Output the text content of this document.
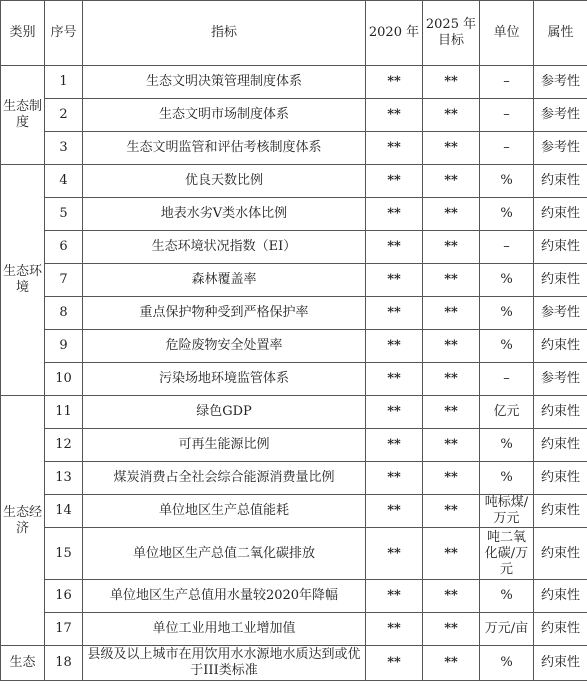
类别	序号	指标	2020 年	2025 年目标	单位	属性
生态制度	1	生态文明决策管理制度体系	**	**	–	参考性
	2	生态文明市场制度体系	**	**	–	参考性
	3	生态文明监管和评估考核制度体系	**	**	–	参考性
生态环境	4	优良天数比例	**	**	%	约束性
	5	地表水劣Ⅴ类水体比例	**	**	%	约束性
	6	生态环境状况指数（EI）	**	**	–	约束性
	7	森林覆盖率	**	**	%	约束性
	8	重点保护物种受到严格保护率	**	**	%	参考性
	9	危险废物安全处置率	**	**	%	约束性
	10	污染场地环境监管体系	**	**	–	参考性
生态经济	11	绿色GDP	**	**	亿元	约束性
	12	可再生能源比例	**	**	%	约束性
	13	煤炭消费占全社会综合能源消费量比例	**	**	%	约束性
	14	单位地区生产总值能耗	**	**	吨标煤/万元	约束性
	15	单位地区生产总值二氧化碳排放	**	**	吨二氧化碳/万元	约束性
	16	单位地区生产总值用水量较2020年降幅	**	**	%	约束性
	17	单位工业用地工业增加值	**	**	万元/亩	约束性
生态	18	县级及以上城市在用饮用水水源地水质达到或优于III类标准	**	**	%	约束性
